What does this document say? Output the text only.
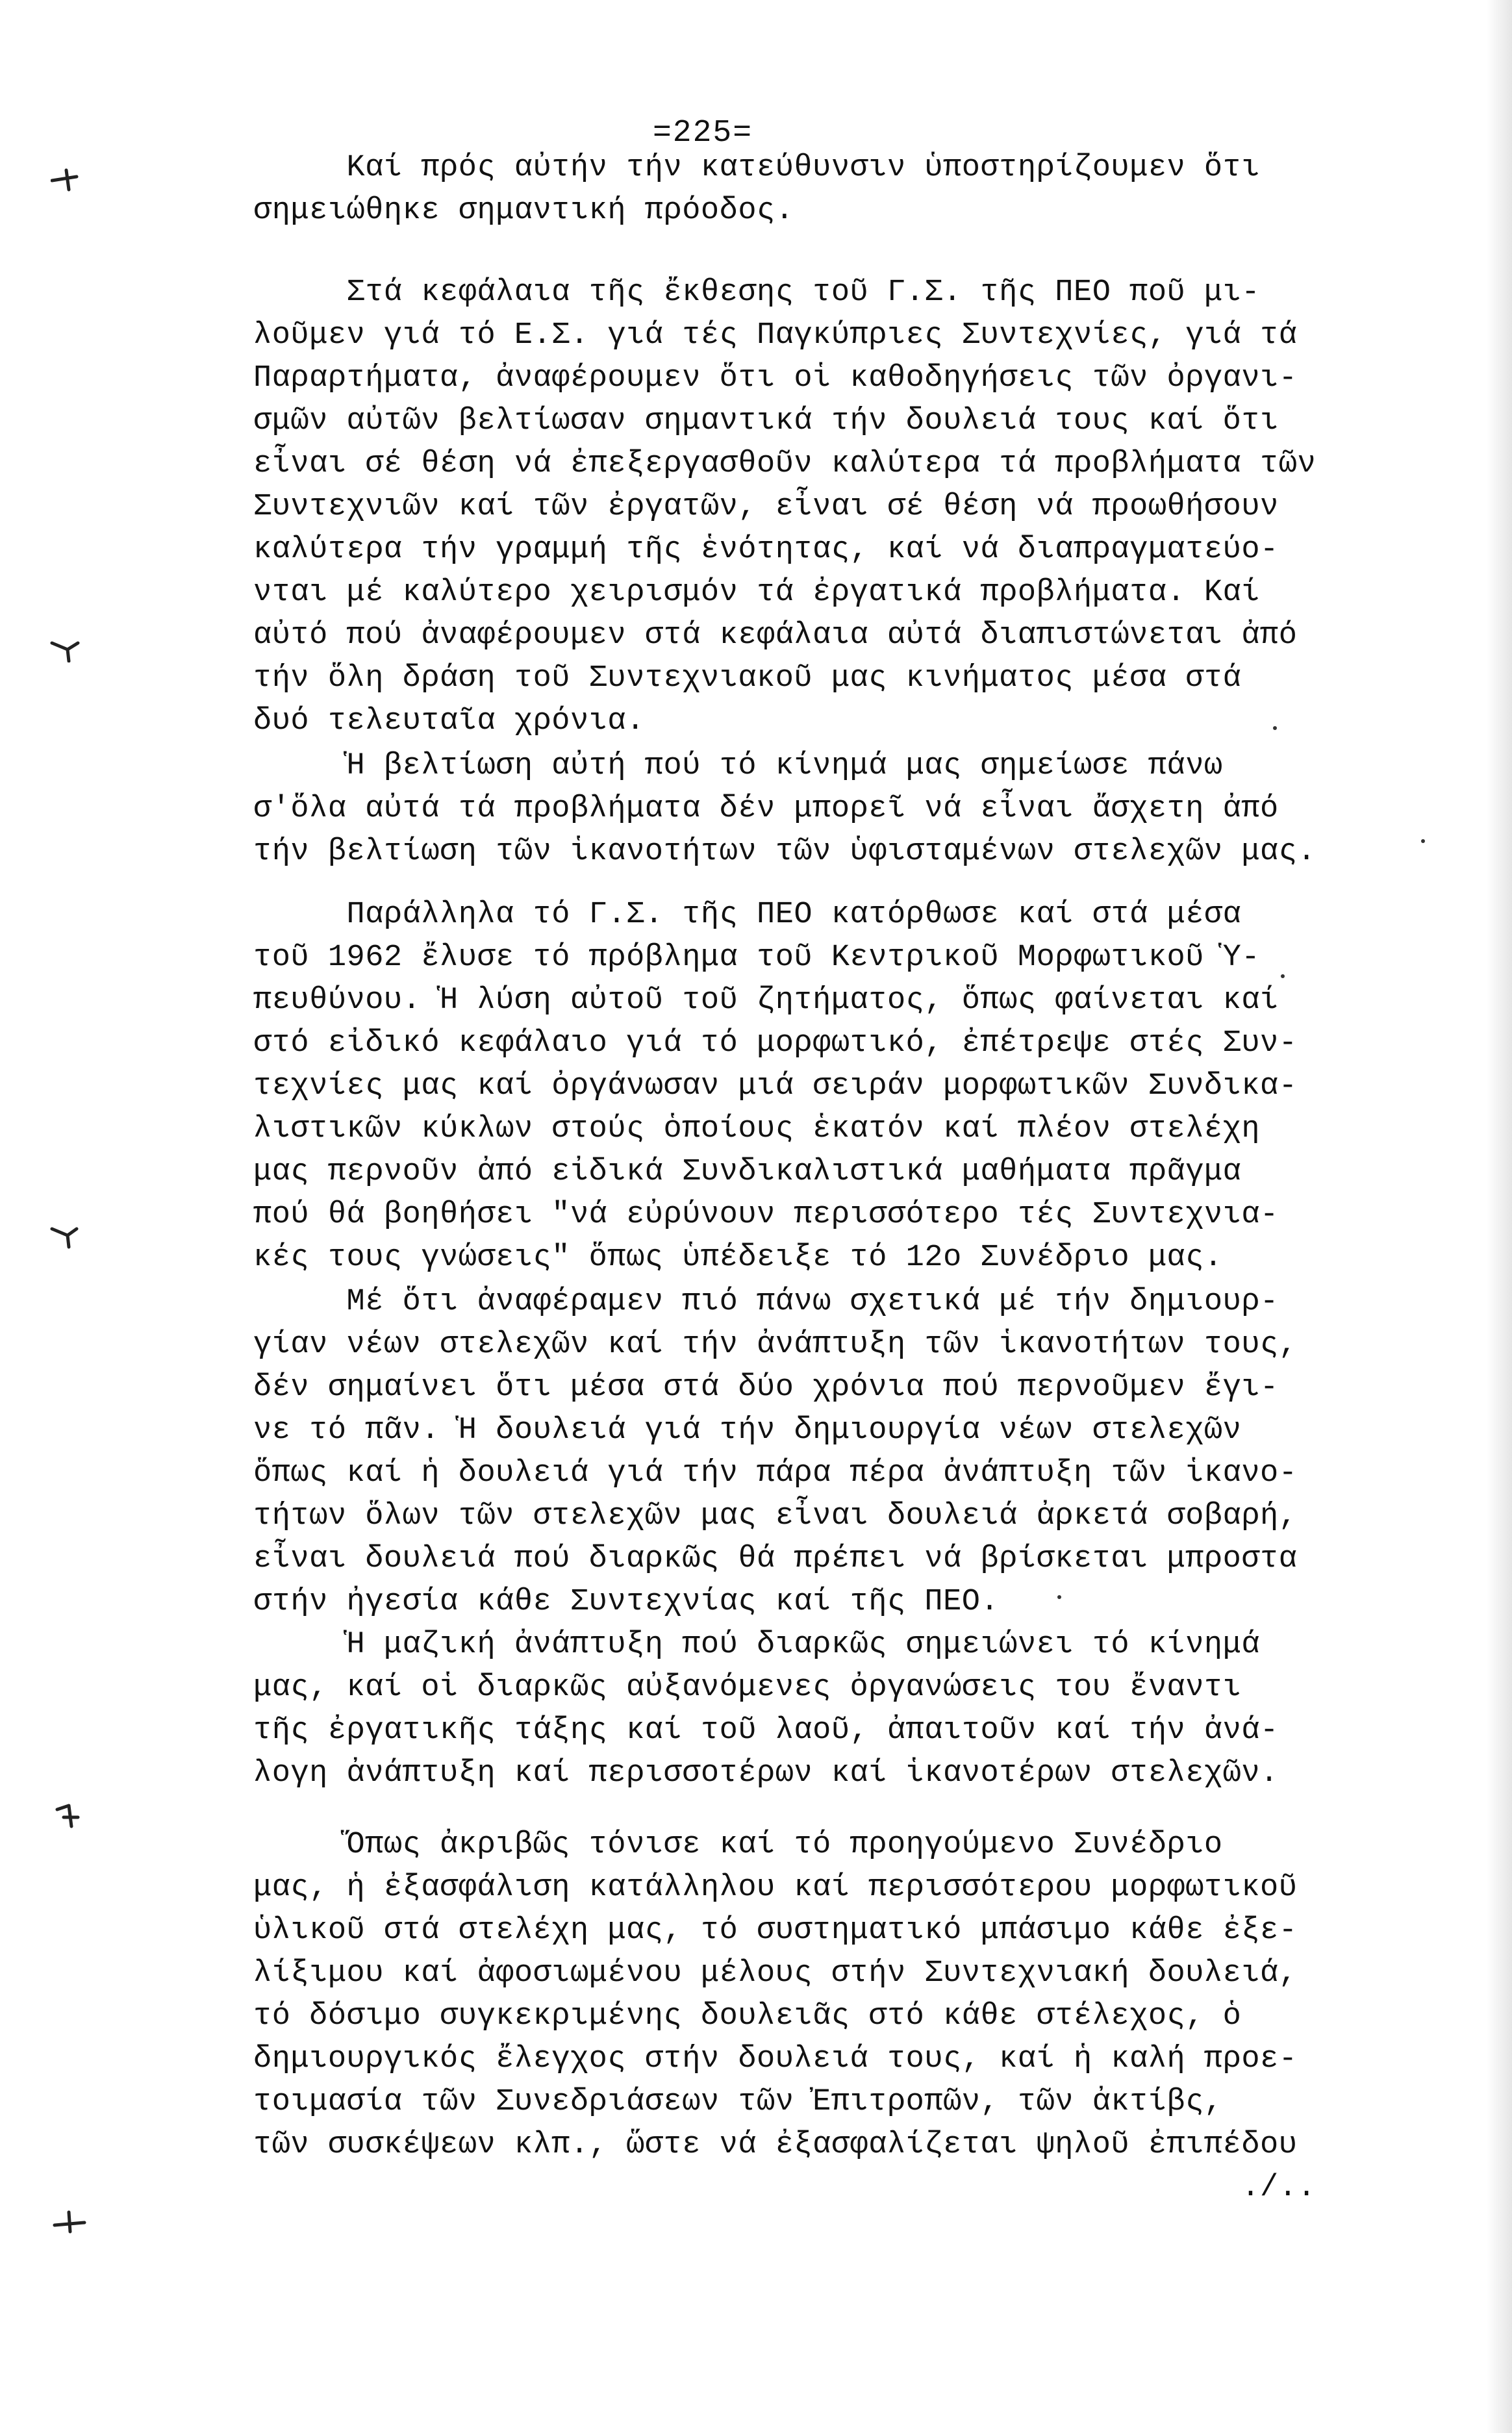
=225=

Καί πρός αὐτήν τήν κατεύθυνσιν ὑποστηρίζουμεν ὅτι
σημειώθηκε σημαντική πρόοδος.

Στά κεφάλαια τῆς ἔκθεσης τοῦ Γ.Σ. τῆς ΠΕΟ ποῦ μι-
λοῦμεν γιά τό Ε.Σ. γιά τές Παγκύπριες Συντεχνίες, γιά τά
Παραρτήματα, ἀναφέρουμεν ὅτι οἱ καθοδηγήσεις τῶν ὀργανι-
σμῶν αὐτῶν βελτίωσαν σημαντικά τήν δουλειά τους καί ὅτι
εἶναι σέ θέση νά ἐπεξεργασθοῦν καλύτερα τά προβλήματα τῶν
Συντεχνιῶν καί τῶν ἐργατῶν, εἶναι σέ θέση νά προωθήσουν
καλύτερα τήν γραμμή τῆς ἑνότητας, καί νά διαπραγματεύο-
νται μέ καλύτερο χειρισμόν τά ἐργατικά προβλήματα. Καί
αὐτό πού ἀναφέρουμεν στά κεφάλαια αὐτά διαπιστώνεται ἀπό
τήν ὅλη δράση τοῦ Συντεχνιακοῦ μας κινήματος μέσα στά
δυό τελευταῖα χρόνια.

Ἡ βελτίωση αὐτή πού τό κίνημά μας σημείωσε πάνω
σ'ὅλα αὐτά τά προβλήματα δέν μπορεῖ νά εἶναι ἄσχετη ἀπό
τήν βελτίωση τῶν ἱκανοτήτων τῶν ὑφισταμένων στελεχῶν μας.

Παράλληλα τό Γ.Σ. τῆς ΠΕΟ κατόρθωσε καί στά μέσα
τοῦ 1962 ἔλυσε τό πρόβλημα τοῦ Κεντρικοῦ Μορφωτικοῦ Ὑ-
πευθύνου. Ἡ λύση αὐτοῦ τοῦ ζητήματος, ὅπως φαίνεται καί
στό εἰδικό κεφάλαιο γιά τό μορφωτικό, ἐπέτρεψε στές Συν-
τεχνίες μας καί ὀργάνωσαν μιά σειράν μορφωτικῶν Συνδικα-
λιστικῶν κύκλων στούς ὁποίους ἑκατόν καί πλέον στελέχη
μας περνοῦν ἀπό εἰδικά Συνδικαλιστικά μαθήματα πρᾶγμα
πού θά βοηθήσει "νά εὐρύνουν περισσότερο τές Συντεχνια-
κές τους γνώσεις" ὅπως ὑπέδειξε τό 12ο Συνέδριο μας.

Μέ ὅτι ἀναφέραμεν πιό πάνω σχετικά μέ τήν δημιουρ-
γίαν νέων στελεχῶν καί τήν ἀνάπτυξη τῶν ἱκανοτήτων τους,
δέν σημαίνει ὅτι μέσα στά δύο χρόνια πού περνοῦμεν ἔγι-
νε τό πᾶν. Ἡ δουλειά γιά τήν δημιουργία νέων στελεχῶν
ὅπως καί ἡ δουλειά γιά τήν πάρα πέρα ἀνάπτυξη τῶν ἱκανο-
τήτων ὅλων τῶν στελεχῶν μας εἶναι δουλειά ἀρκετά σοβαρή,
εἶναι δουλειά πού διαρκῶς θά πρέπει νά βρίσκεται μπροστα
στήν ἠγεσία κάθε Συντεχνίας καί τῆς ΠΕΟ.

Ἡ μαζική ἀνάπτυξη πού διαρκῶς σημειώνει τό κίνημά
μας, καί οἱ διαρκῶς αὐξανόμενες ὀργανώσεις του ἔναντι
τῆς ἐργατικῆς τάξης καί τοῦ λαοῦ, ἀπαιτοῦν καί τήν ἀνά-
λογη ἀνάπτυξη καί περισσοτέρων καί ἱκανοτέρων στελεχῶν.

Ὅπως ἀκριβῶς τόνισε καί τό προηγούμενο Συνέδριο
μας, ἡ ἐξασφάλιση κατάλληλου καί περισσότερου μορφωτικοῦ
ὑλικοῦ στά στελέχη μας, τό συστηματικό μπάσιμο κάθε ἐξε-
λίξιμου καί ἀφοσιωμένου μέλους στήν Συντεχνιακή δουλειά,
τό δόσιμο συγκεκριμένης δουλειᾶς στό κάθε στέλεχος, ὁ
δημιουργικός ἔλεγχος στήν δουλειά τους, καί ἡ καλή προε-
τοιμασία τῶν Συνεδριάσεων τῶν Ἐπιτροπῶν, τῶν ἀκτίβς,
τῶν συσκέψεων κλπ., ὥστε νά ἐξασφαλίζεται ψηλοῦ ἐπιπέδου
./..
